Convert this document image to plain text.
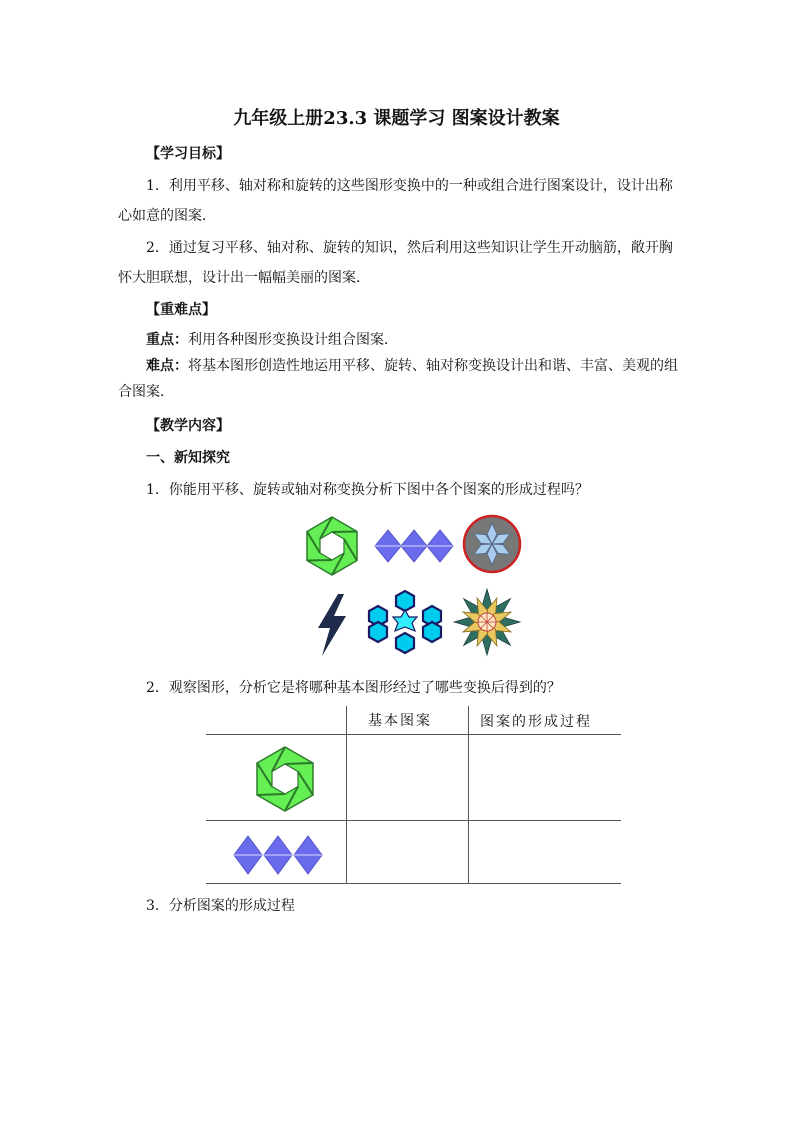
九年级上册23.3 课题学习 图案设计教案
【学习目标】
1．利用平移、轴对称和旋转的这些图形变换中的一种或组合进行图案设计，设计出称
心如意的图案．
2．通过复习平移、轴对称、旋转的知识，然后利用这些知识让学生开动脑筋，敞开胸
怀大胆联想，设计出一幅幅美丽的图案．
【重难点】
重点：利用各种图形变换设计组合图案．
难点：将基本图形创造性地运用平移、旋转、轴对称变换设计出和谐、丰富、美观的组
合图案．
【教学内容】
一、新知探究
1．你能用平移、旋转或轴对称变换分析下图中各个图案的形成过程吗？
2．观察图形，分析它是将哪种基本图形经过了哪些变换后得到的？
基本图案	图案的形成过程
3．分析图案的形成过程
